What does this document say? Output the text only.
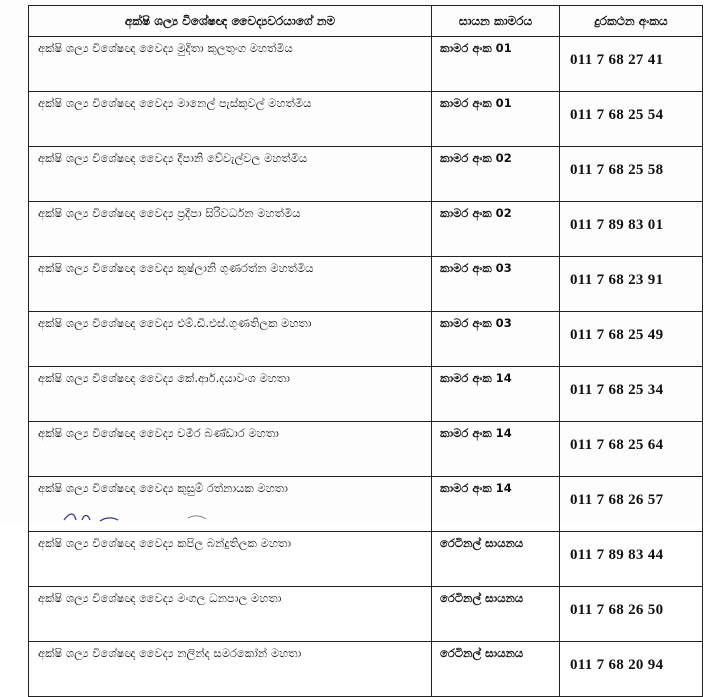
අක්ෂි ශල්‍ය විශේෂඥ වෛද්‍යවරයාගේ නම	සායන කාමරය	දුරකථන අංකය
අක්ෂි ශල්‍ය විශේෂඥ වෛද්‍ය මුදිතා කුලතුංග මහත්මිය	කාමර අංක 01	011 7 68 27 41
අක්ෂි ශල්‍ය විශේෂඥ වෛද්‍ය මානෙල් පැස්කුවල් මහත්මිය	කාමර අංක 01	011 7 68 25 54
අක්ෂි ශල්‍ය විශේෂඥ වෛද්‍ය දීපානි වේවැල්වල මහත්මිය	කාමර අංක 02	011 7 68 25 58
අක්ෂි ශල්‍ය විශේෂඥ වෛද්‍ය ප්‍රදීපා සිරිවර්ධන මහත්මිය	කාමර අංක 02	011 7 89 83 01
අක්ෂි ශල්‍ය විශේෂඥ වෛද්‍ය කුෂ්ලානි ගුණරත්න මහත්මිය	කාමර අංක 03	011 7 68 23 91
අක්ෂි ශල්‍ය විශේෂඥ වෛද්‍ය එම්.ඩී.එස්.ගුණතිලක මහතා	කාමර අංක 03	011 7 68 25 49
අක්ෂි ශල්‍ය විශේෂඥ වෛද්‍ය කේ.ආර්.දයාවංශ මහතා	කාමර අංක 14	011 7 68 25 34
අක්ෂි ශල්‍ය විශේෂඥ වෛද්‍ය චමීර බණ්ඩාර මහතා	කාමර අංක 14	011 7 68 25 64
අක්ෂි ශල්‍ය විශේෂඥ වෛද්‍ය කුසුම් රත්නායක මහතා	කාමර අංක 14	011 7 68 26 57
අක්ෂි ශල්‍ය විශේෂඥ වෛද්‍ය කපිල බන්දුතිලක මහතා	රෙටිනල් සායනය	011 7 89 83 44
අක්ෂි ශල්‍ය විශේෂඥ වෛද්‍ය මංගල ධනපාල මහතා	රෙටිනල් සායනය	011 7 68 26 50
අක්ෂි ශල්‍ය විශේෂඥ වෛද්‍ය නලින්ද සමරකෝන් මහතා	රෙටිනල් සායනය	011 7 68 20 94
